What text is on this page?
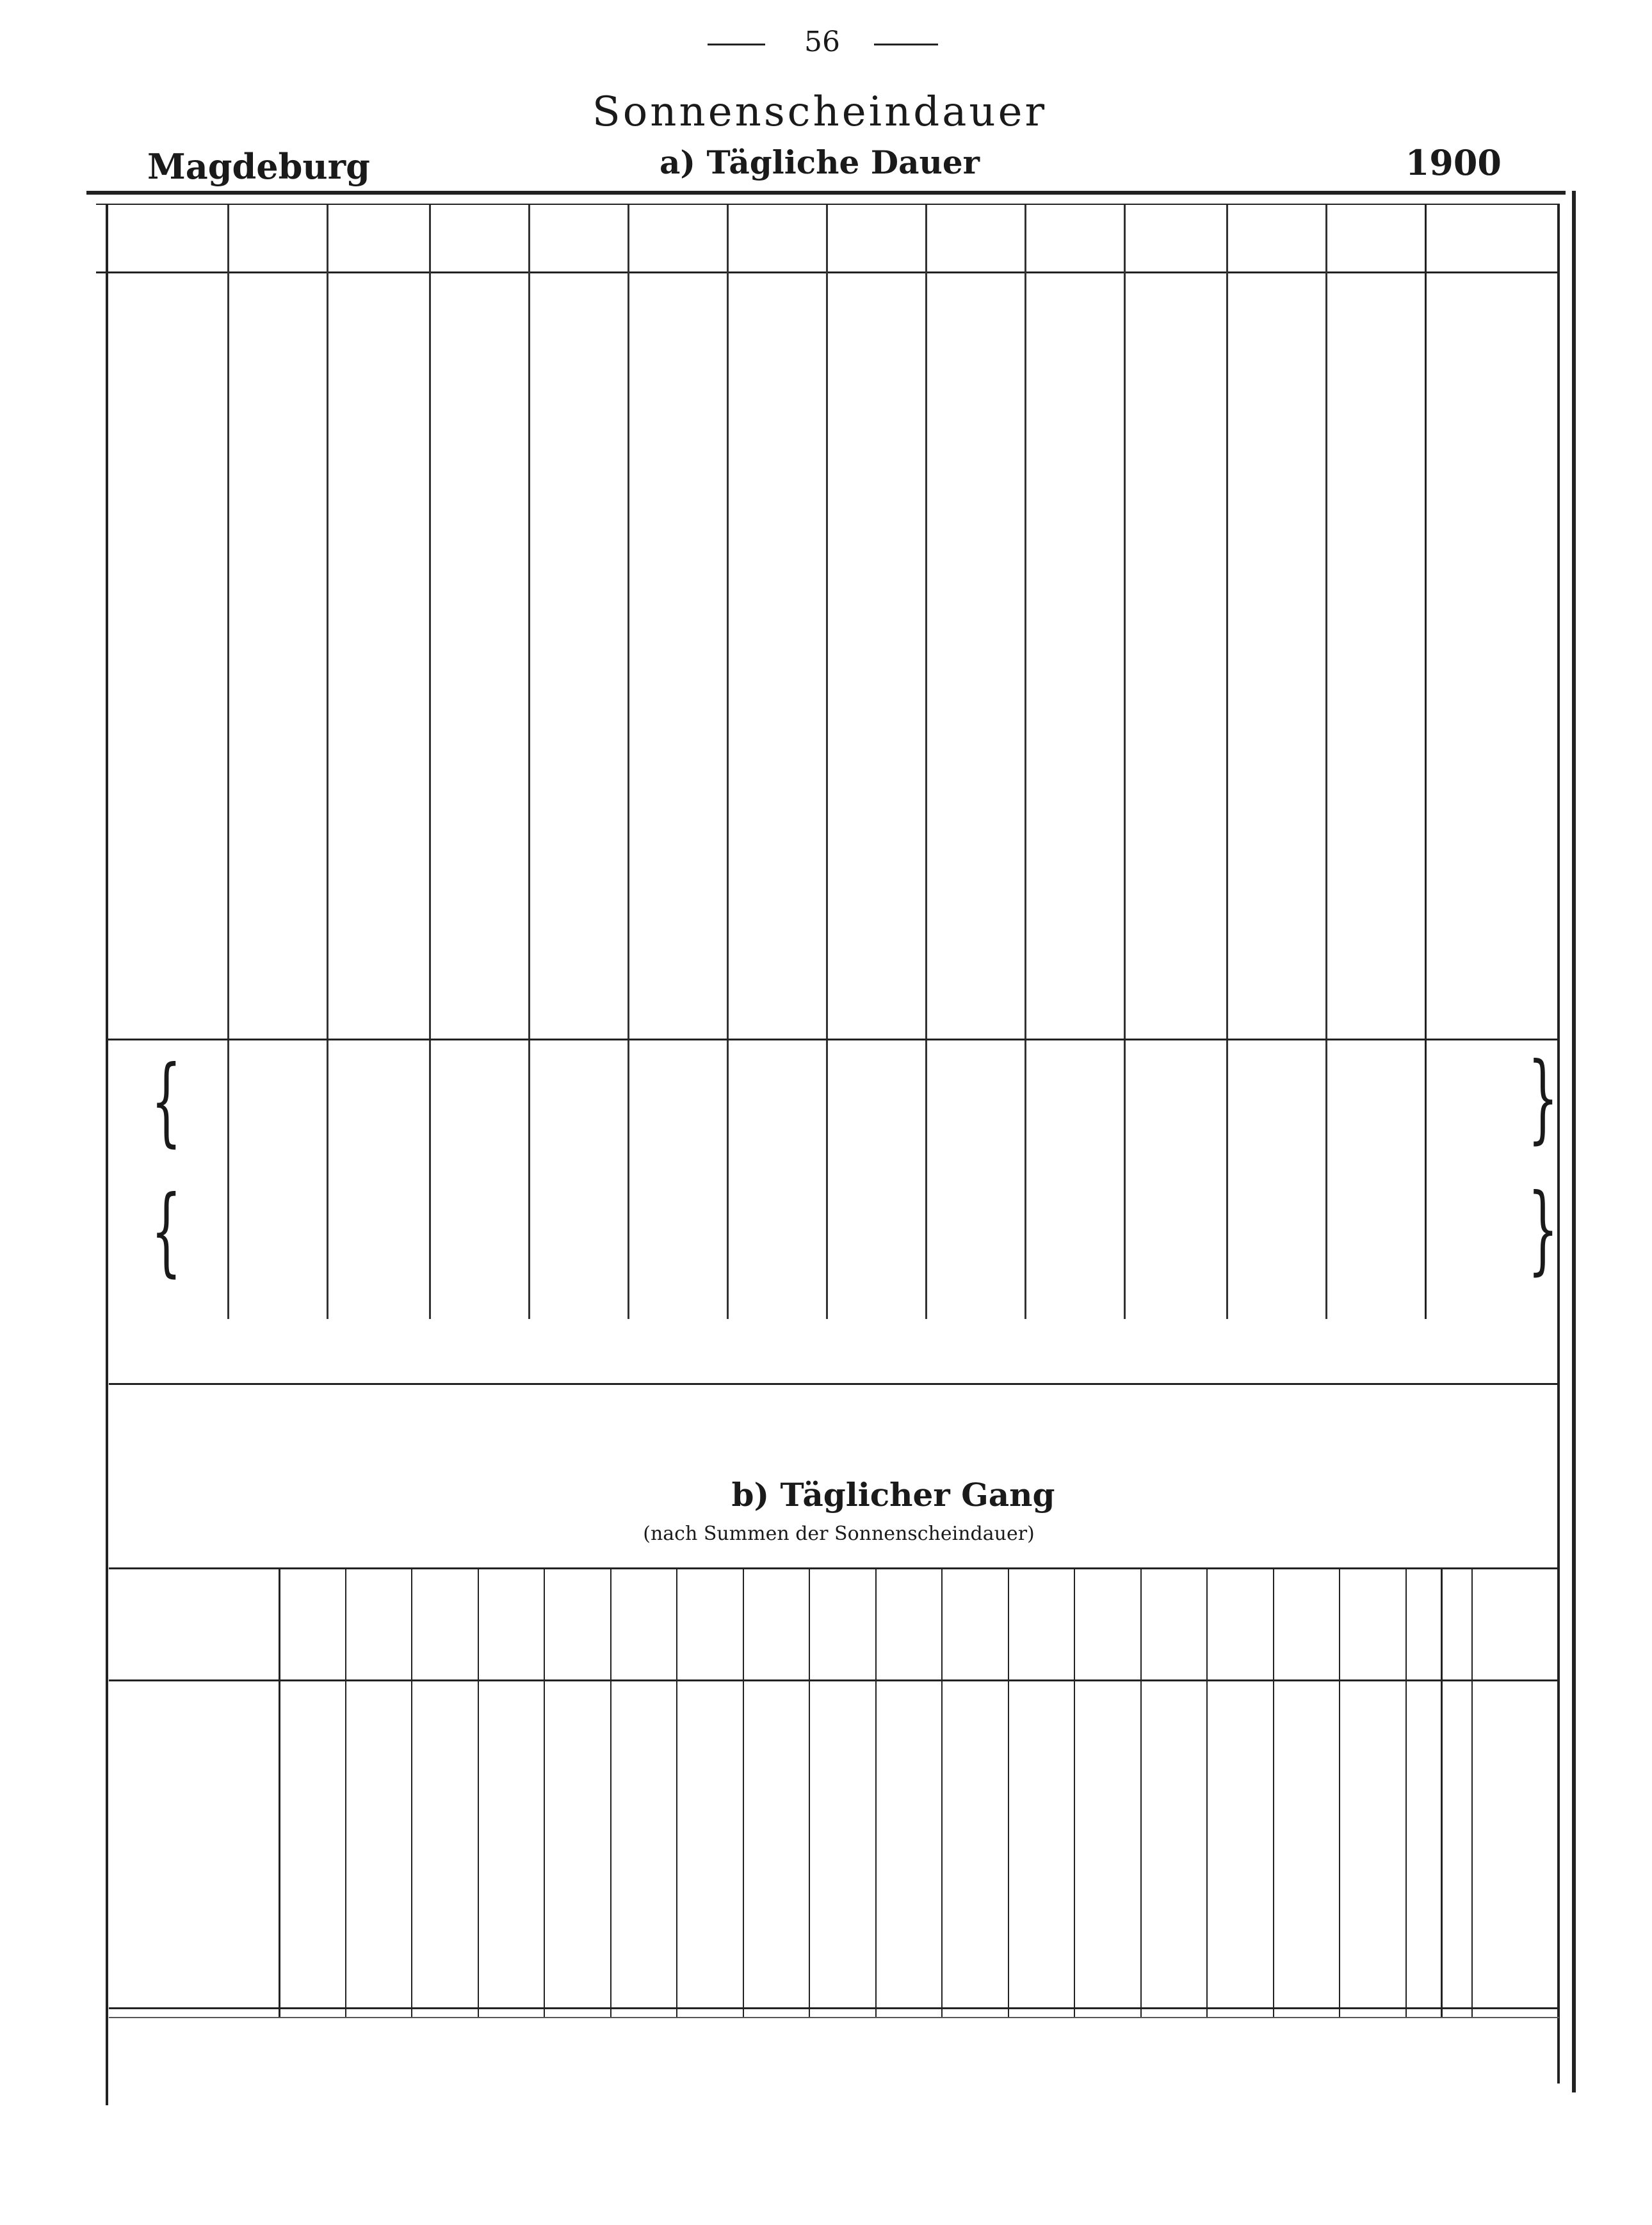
56
Sonnenscheindauer
Magdeburg	a) Tägliche Dauer	1900
{
{
}
}
b) Täglicher Gang
(nach Summen der Sonnenscheindauer)
